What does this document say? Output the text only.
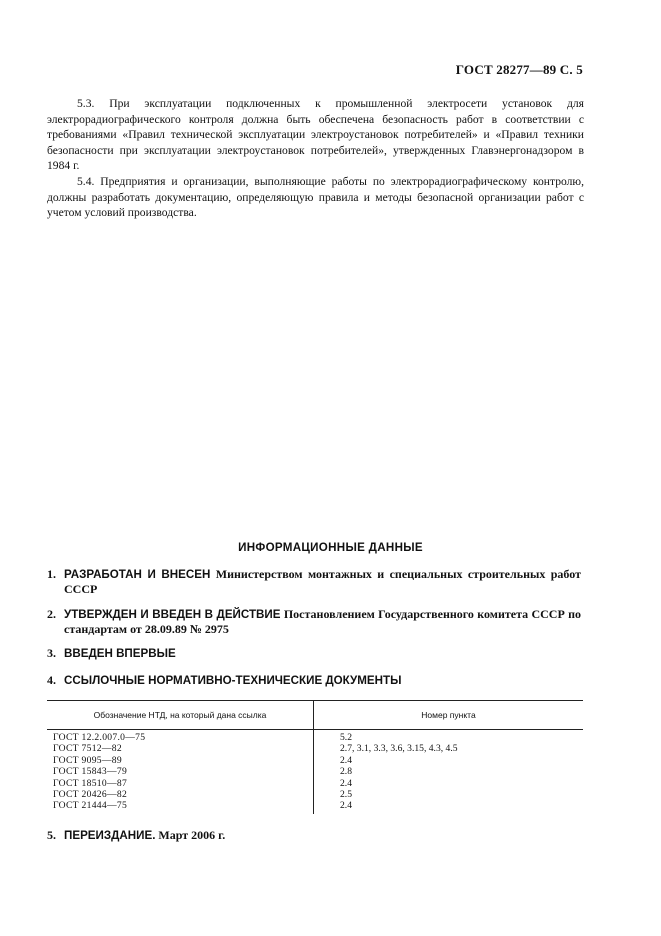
ГОСТ 28277—89 С. 5

5.3. При эксплуатации подключенных к промышленной электросети установок для электрорадиографического контроля должна быть обеспечена безопасность работ в соответствии с требованиями «Правил технической эксплуатации электроустановок потребителей» и «Правил техники безопасности при эксплуатации электроустановок потребителей», утвержденных Главэнергонадзором в 1984 г.

5.4. Предприятия и организации, выполняющие работы по электрорадиографическому контролю, должны разработать документацию, определяющую правила и методы безопасной организации работ с учетом условий производства.

ИНФОРМАЦИОННЫЕ ДАННЫЕ
1. РАЗРАБОТАН И ВНЕСЕН Министерством монтажных и специальных строительных работ СССР
2. УТВЕРЖДЕН И ВВЕДЕН В ДЕЙСТВИЕ Постановлением Государственного комитета СССР по стандартам от 28.09.89 № 2975
3. ВВЕДЕН ВПЕРВЫЕ
4. ССЫЛОЧНЫЕ НОРМАТИВНО-ТЕХНИЧЕСКИЕ ДОКУМЕНТЫ
Обозначение НТД, на который дана ссылка	Номер пункта
ГОСТ 12.2.007.0—75	5.2
ГОСТ 7512—82	2.7, 3.1, 3.3, 3.6, 3.15, 4.3, 4.5
ГОСТ 9095—89	2.4
ГОСТ 15843—79	2.8
ГОСТ 18510—87	2.4
ГОСТ 20426—82	2.5
ГОСТ 21444—75	2.4
5. ПЕРЕИЗДАНИЕ. Март 2006 г.
